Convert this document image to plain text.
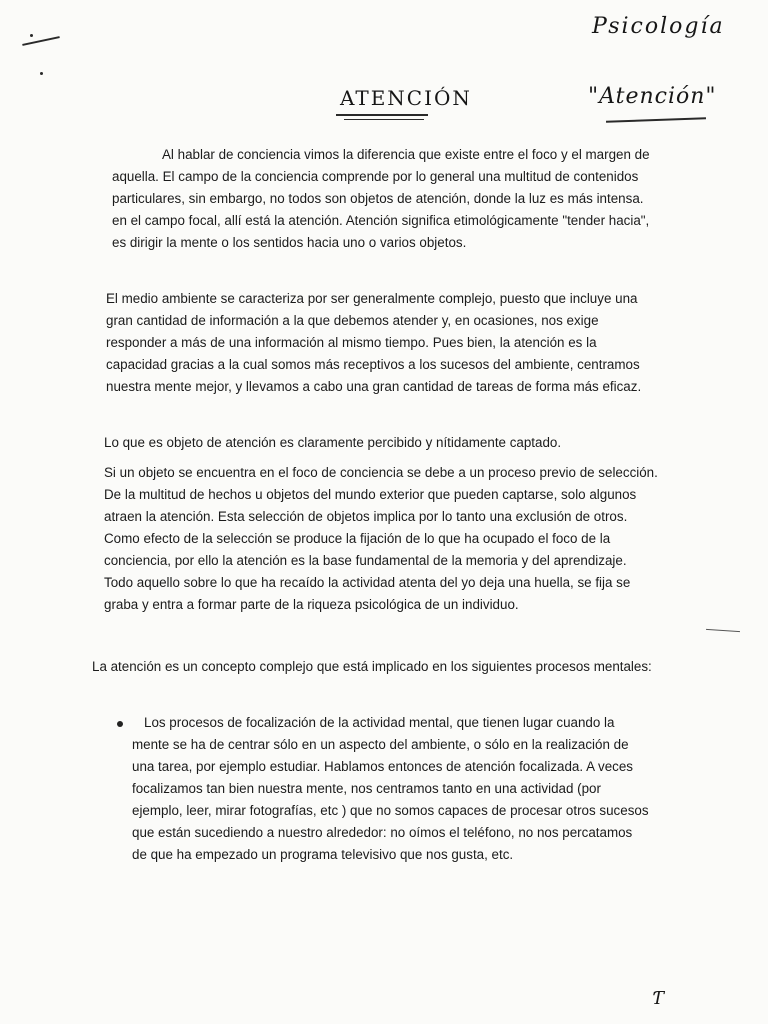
Psicología
"Atención"
Ƭ
ATENCIÓN

Al hablar de conciencia vimos la diferencia que existe entre el foco y el margen de aquella. El campo de la conciencia comprende por lo general una multitud de contenidos particulares, sin embargo, no todos son objetos de atención, donde la luz es más intensa. en el campo focal, allí está la atención. Atención significa etimológicamente "tender hacia", es dirigir la mente o los sentidos hacia uno o varios objetos.

El medio ambiente se caracteriza por ser generalmente complejo, puesto que incluye una gran cantidad de información a la que debemos atender y, en ocasiones, nos exige responder a más de una información al mismo tiempo. Pues bien, la atención es la capacidad gracias a la cual somos más receptivos a los sucesos del ambiente, centramos nuestra mente mejor, y llevamos a cabo una gran cantidad de tareas de forma más eficaz.

Lo que es objeto de atención es claramente percibido y nítidamente captado.

Si un objeto se encuentra en el foco de conciencia se debe a un proceso previo de selección. De la multitud de hechos u objetos del mundo exterior que pueden captarse, solo algunos atraen la atención. Esta selección de objetos implica por lo tanto una exclusión de otros. Como efecto de la selección se produce la fijación de lo que ha ocupado el foco de la conciencia, por ello la atención es la base fundamental de la memoria y del aprendizaje. Todo aquello sobre lo que ha recaído la actividad atenta del yo deja una huella, se fija se graba y entra a formar parte de la riqueza psicológica de un individuo.

La atención es un concepto complejo que está implicado en los siguientes procesos mentales:

Los procesos de focalización de la actividad mental, que tienen lugar cuando la mente se ha de centrar sólo en un aspecto del ambiente, o sólo en la realización de una tarea, por ejemplo estudiar. Hablamos entonces de atención focalizada. A veces focalizamos tan bien nuestra mente, nos centramos tanto en una actividad (por ejemplo, leer, mirar fotografías, etc ) que no somos capaces de procesar otros sucesos que están sucediendo a nuestro alrededor: no oímos el teléfono, no nos percatamos de que ha empezado un programa televisivo que nos gusta, etc.
